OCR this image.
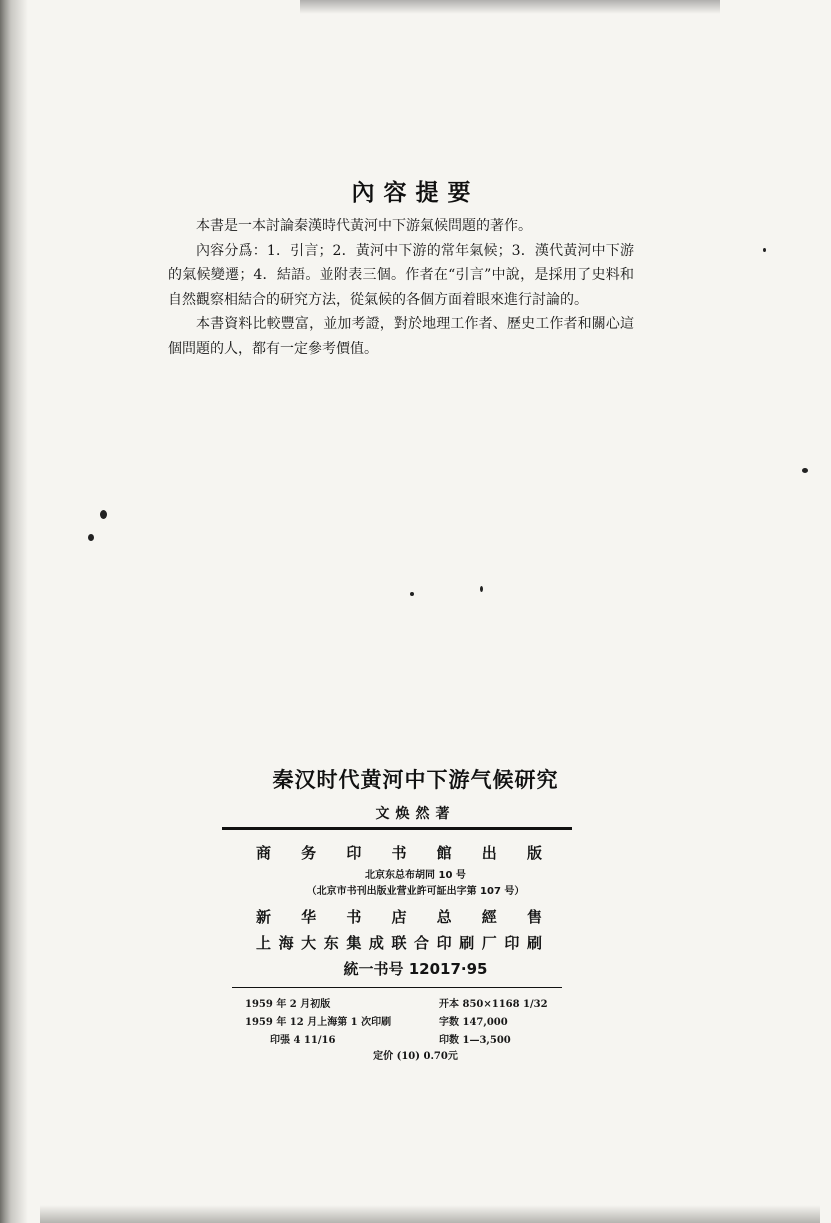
內容提要

本書是一本討論秦漢時代黃河中下游氣候問題的著作。

內容分爲：1．引言；2．黃河中下游的常年氣候；3．漢代黃河中下游的氣候變遷；4．結語。並附表三個。作者在“引言”中說，是採用了史料和自然觀察相結合的研究方法，從氣候的各個方面着眼來進行討論的。

本書資料比較豐富，並加考證，對於地理工作者、歷史工作者和關心這個問題的人，都有一定參考價值。

秦汉时代黄河中下游气候研究
文焕然著
商 务 印 书 館 出 版
北京东总布胡同 10 号
（北京市书刊出版业营业許可証出字第 107 号）
新 华 书 店 总 經 售
上 海 大 东 集 成 联 合 印 刷 厂 印 刷
統一书号 12017·95
1959 年 2 月初版
1959 年 12 月上海第 1 次印刷
印張 4 11/16
开本 850×1168 1/32
字数 147,000
印数 1—3,500
定价 (10) 0.70元
